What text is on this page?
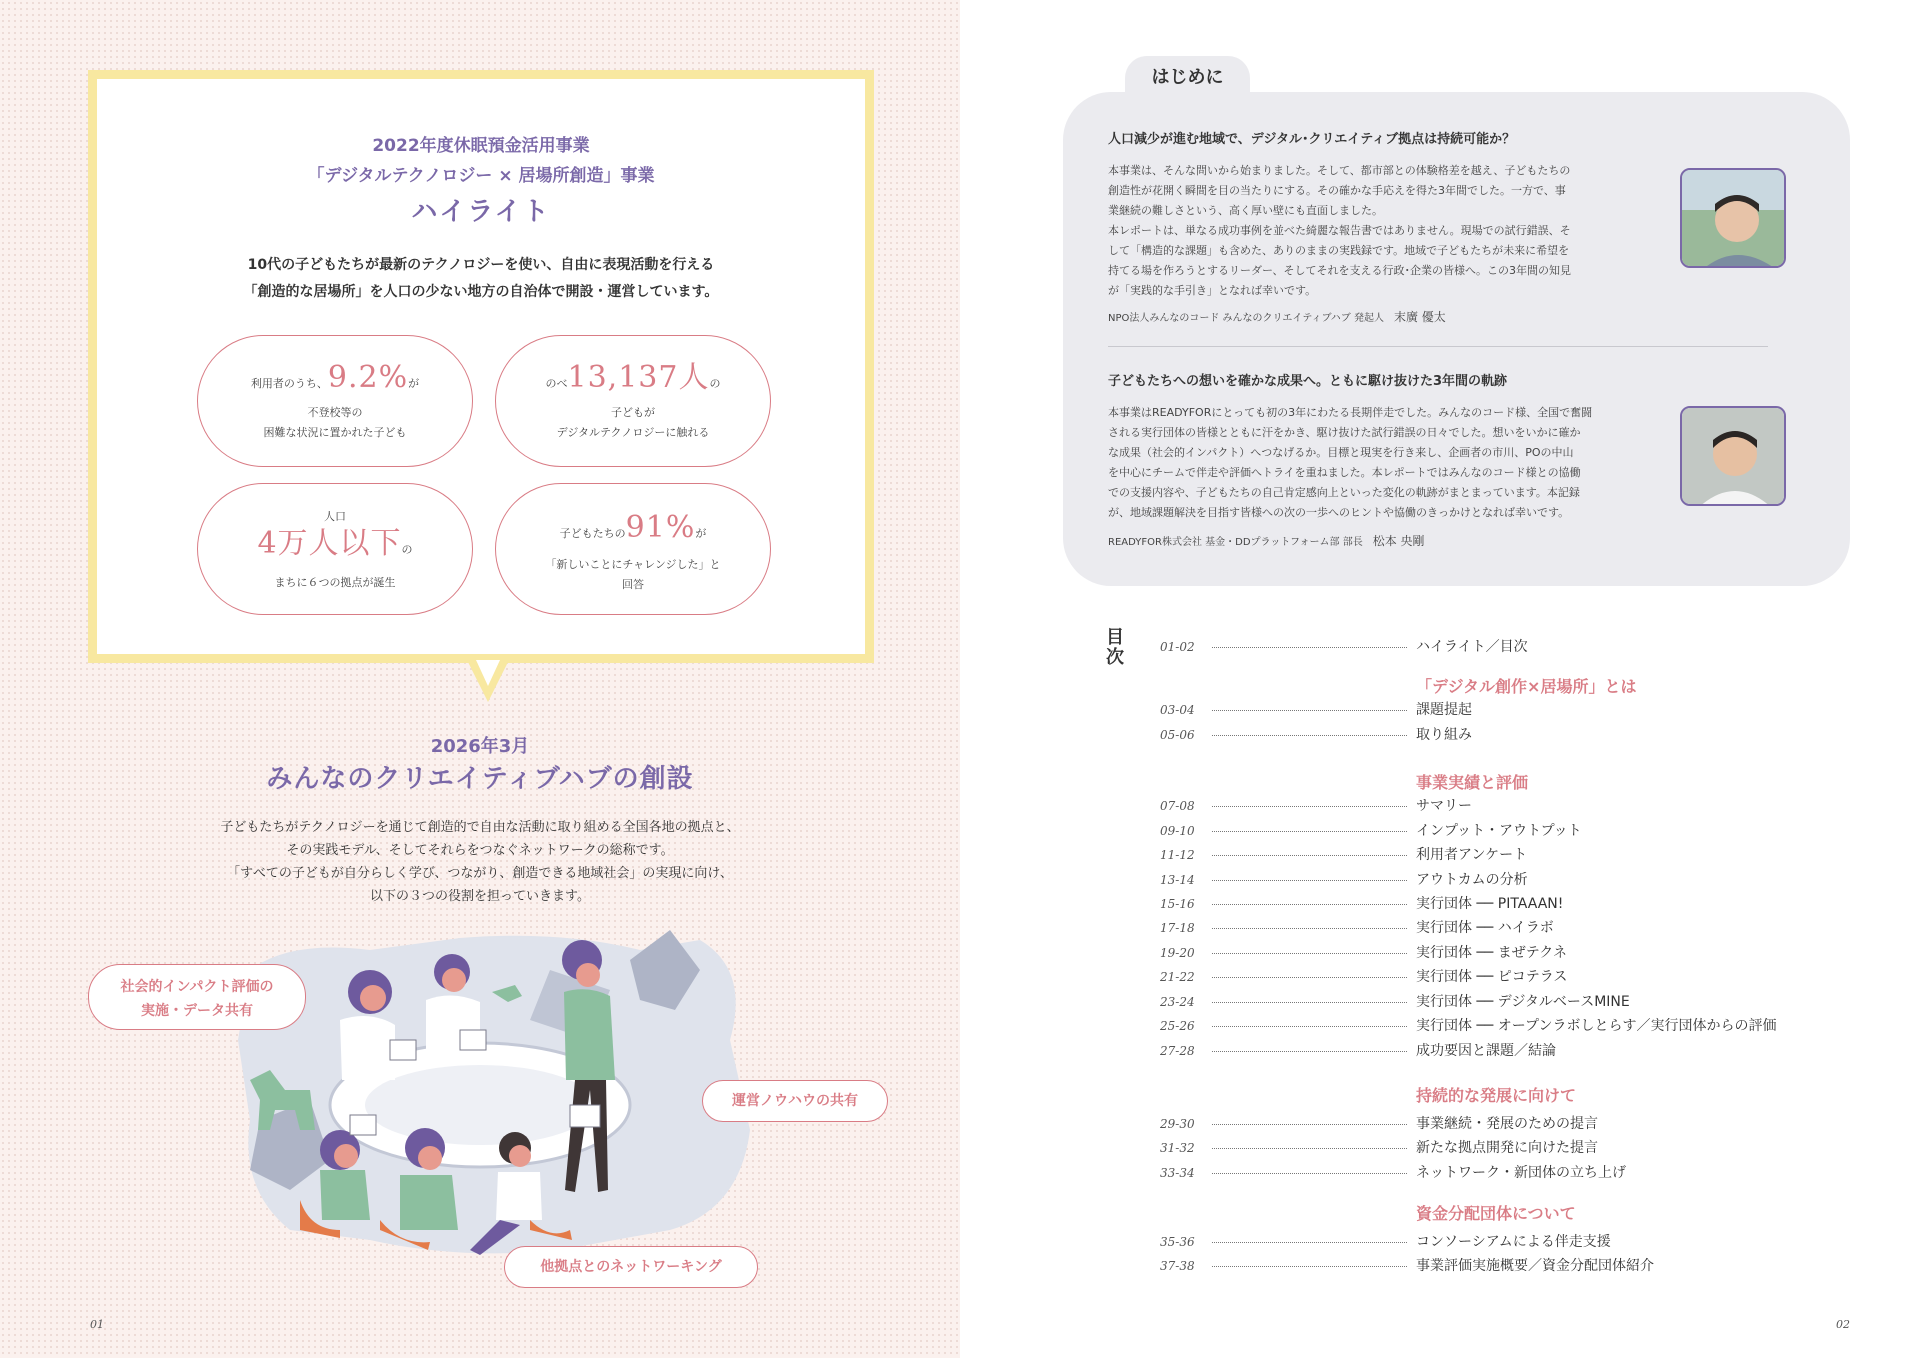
2022年度休眠預金活用事業
「デジタルテクノロジー × 居場所創造」事業
ハイライト
10代の子どもたちが最新のテクノロジーを使い、自由に表現活動を行える
「創造的な居場所」を人口の少ない地方の自治体で開設・運営しています。
利用者のうち、9.2%が
不登校等の
困難な状況に置かれた子ども
のべ13,137人の
子どもが
デジタルテクノロジーに触れる
人口
4万人以下の
まちに６つの拠点が誕生
子どもたちの91%が
「新しいことにチャレンジした」と
回答
2026年3月
みんなのクリエイティブハブの創設
子どもたちがテクノロジーを通じて創造的で自由な活動に取り組める全国各地の拠点と、
その実践モデル、そしてそれらをつなぐネットワークの総称です。
「すべての子どもが自分らしく学び、つながり、創造できる地域社会」の実現に向け、
以下の３つの役割を担っていきます。
社会的インパクト評価の
実施・データ共有
運営ノウハウの共有
他拠点とのネットワーキング
01
はじめに
人口減少が進む地域で、デジタル･クリエイティブ拠点は持続可能か？
本事業は、そんな問いから始まりました。そして、都市部との体験格差を越え、子どもたちの
創造性が花開く瞬間を目の当たりにする。その確かな手応えを得た3年間でした。一方で、事
業継続の難しさという、高く厚い壁にも直面しました。
本レポートは、単なる成功事例を並べた綺麗な報告書ではありません。現場での試行錯誤、そ
して「構造的な課題」も含めた、ありのままの実践録です。地域で子どもたちが未来に希望を
持てる場を作ろうとするリーダー、そしてそれを支える行政･企業の皆様へ。この3年間の知見
が「実践的な手引き」となれば幸いです。
NPO法人みんなのコード みんなのクリエイティブハブ 発起人 末廣 優太
子どもたちへの想いを確かな成果へ。ともに駆け抜けた3年間の軌跡
本事業はREADYFORにとっても初の3年にわたる長期伴走でした。みんなのコード様、全国で奮闘
される実行団体の皆様とともに汗をかき、駆け抜けた試行錯誤の日々でした。想いをいかに確か
な成果（社会的インパクト）へつなげるか。目標と現実を行き来し、企画者の市川、POの中山
を中心にチームで伴走や評価へトライを重ねました。本レポートではみんなのコード様との協働
での支援内容や、子どもたちの自己肯定感向上といった変化の軌跡がまとまっています。本記録
が、地域課題解決を目指す皆様への次の一歩へのヒントや協働のきっかけとなれば幸いです。
READYFOR株式会社 基金・DDプラットフォーム部 部長 松本 央剛
目次	01-02	ハイライト／目次
「デジタル創作×居場所」とは
03-04	課題提起
05-06	取り組み
事業実績と評価
07-08	サマリー
09-10	インプット・アウトプット
11-12	利用者アンケート
13-14	アウトカムの分析
15-16	実行団体 ── PITAAAN!
17-18	実行団体 ── ハイラボ
19-20	実行団体 ── まぜテクネ
21-22	実行団体 ── ピコテラス
23-24	実行団体 ── デジタルベースMINE
25-26	実行団体 ── オープンラボしとらす／実行団体からの評価
27-28	成功要因と課題／結論
持続的な発展に向けて
29-30	事業継続・発展のための提言
31-32	新たな拠点開発に向けた提言
33-34	ネットワーク・新団体の立ち上げ
資金分配団体について
35-36	コンソーシアムによる伴走支援
37-38	事業評価実施概要／資金分配団体紹介
02
